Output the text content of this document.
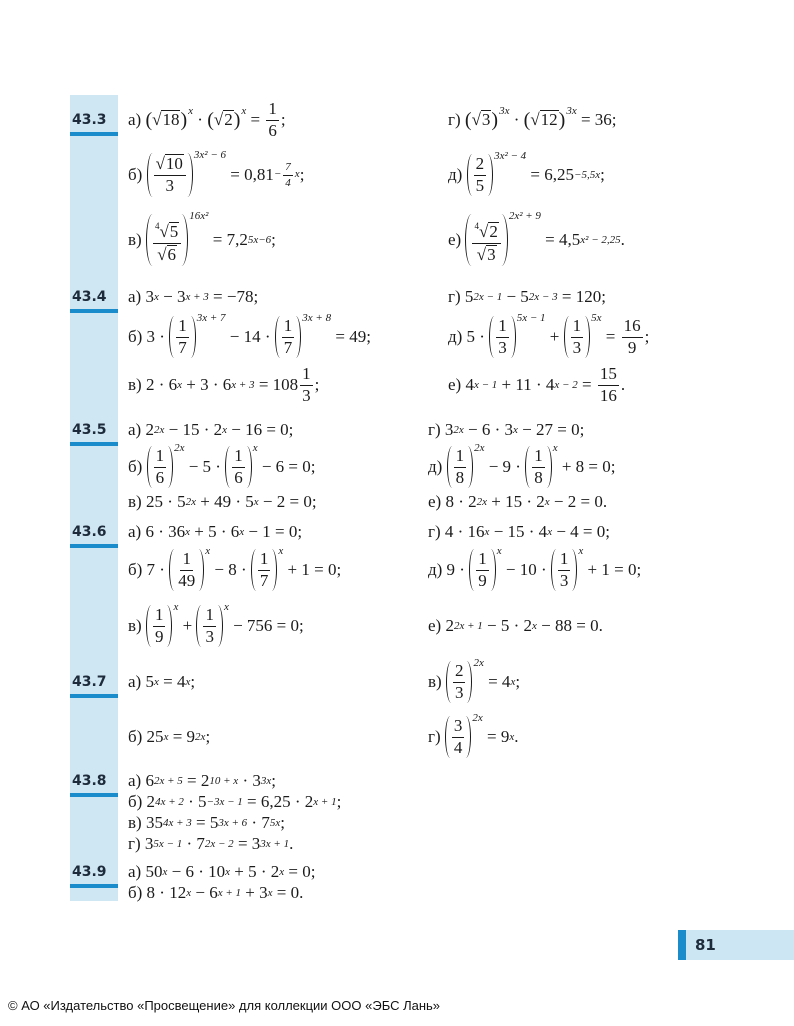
43.3 а) ( √ 18 ) x · ( √ 2 ) $x = \frac{1}{6}$ ;	г) ( √ 3 ) 3x · ( √ 12 ) 3x = 36;
$б) \frac{√ 10}{3} 3x^2 - 6$
= $0,81 - \frac{7}{4}$ x ;	$д) \frac{2}{5} 3x^2 - 4$
= 6,25 −5,5x ;
$в) \frac{4 √ 5}{√ 6} 16x^2$
= 7,2 5x−6 ;	$е) \frac{4 √ 2}{√ 3} 2x^2 + 9$
= 4,5 x² − 2,25 .
43.4 а) 3 x − 3 x + 3 = −78;	г) 5 2x − 1 − 5 2x − 3 = 120;
б) $3 \cdot \frac{1}{7} 3x + 7$
− $14 \cdot \frac{1}{7} 3x + 8$
= 49;	д) $5 \cdot \frac{1}{3} 5x - 1$
+ $\frac{1}{3} 5x$
= $\frac{16}{9}$ ;
в) 2 · 6 x + 3 · 6 $x + 3 = 108 \frac{1}{3}$ ;	е) 4 x − 1 + 11 · 4 $x - 2 = \frac{15}{16}$ .
43.5 а) 2 2x − 15 · 2 x − 16 = 0;	г) 3 2x − 6 · 3 x − 27 = 0;
$б) \frac{1}{6} 2x$
− $5 \cdot \frac{1}{6}$ x
− 6 = 0;	$д) \frac{1}{8} 2x$
− $9 \cdot \frac{1}{8}$ x
+ 8 = 0;
в) 25 · 5 2x + 49 · 5 x − 2 = 0;	е) 8 · 2 2x + 15 · 2 x − 2 = 0.
43.6 а) 6 · 36 x + 5 · 6 x − 1 = 0;	г) 4 · 16 x − 15 · 4 x − 4 = 0;
б) $7 \cdot \frac{1}{49}$ x
− $8 \cdot \frac{1}{7}$ x
+ 1 = 0;	д) $9 \cdot \frac{1}{9}$ x
− $10 \cdot \frac{1}{3}$ x
+ 1 = 0;
$в) \frac{1}{9}$ x
+ $\frac{1}{3}$ x
− 756 = 0;	е) 2 2x + 1 − 5 · 2 x − 88 = 0.
43.7 а) 5 x = 4 x ;	$в) \frac{2}{3} 2x$
= 4 x ;
б) 25 x = 9 2x ;	$г) \frac{3}{4} 2x$
= 9 x .
43.8 а) 6 2x + 5 = 2 10 + x · 3 3x ;
б) 2 4x + 2 · 5 −3x − 1 = 6,25 · 2 x + 1 ;
в) 35 4x + 3 = 5 3x + 6 · 7 5x ;
г) 3 5x − 1 · 7 2x − 2 = 3 3x + 1 .
43.9 а) 50 x − 6 · 10 x + 5 · 2 x = 0;
б) 8 · 12 x − 6 x + 1 + 3 x = 0.
81
© АО «Издательство «Просвещение» для коллекции ООО «ЭБС Лань»
